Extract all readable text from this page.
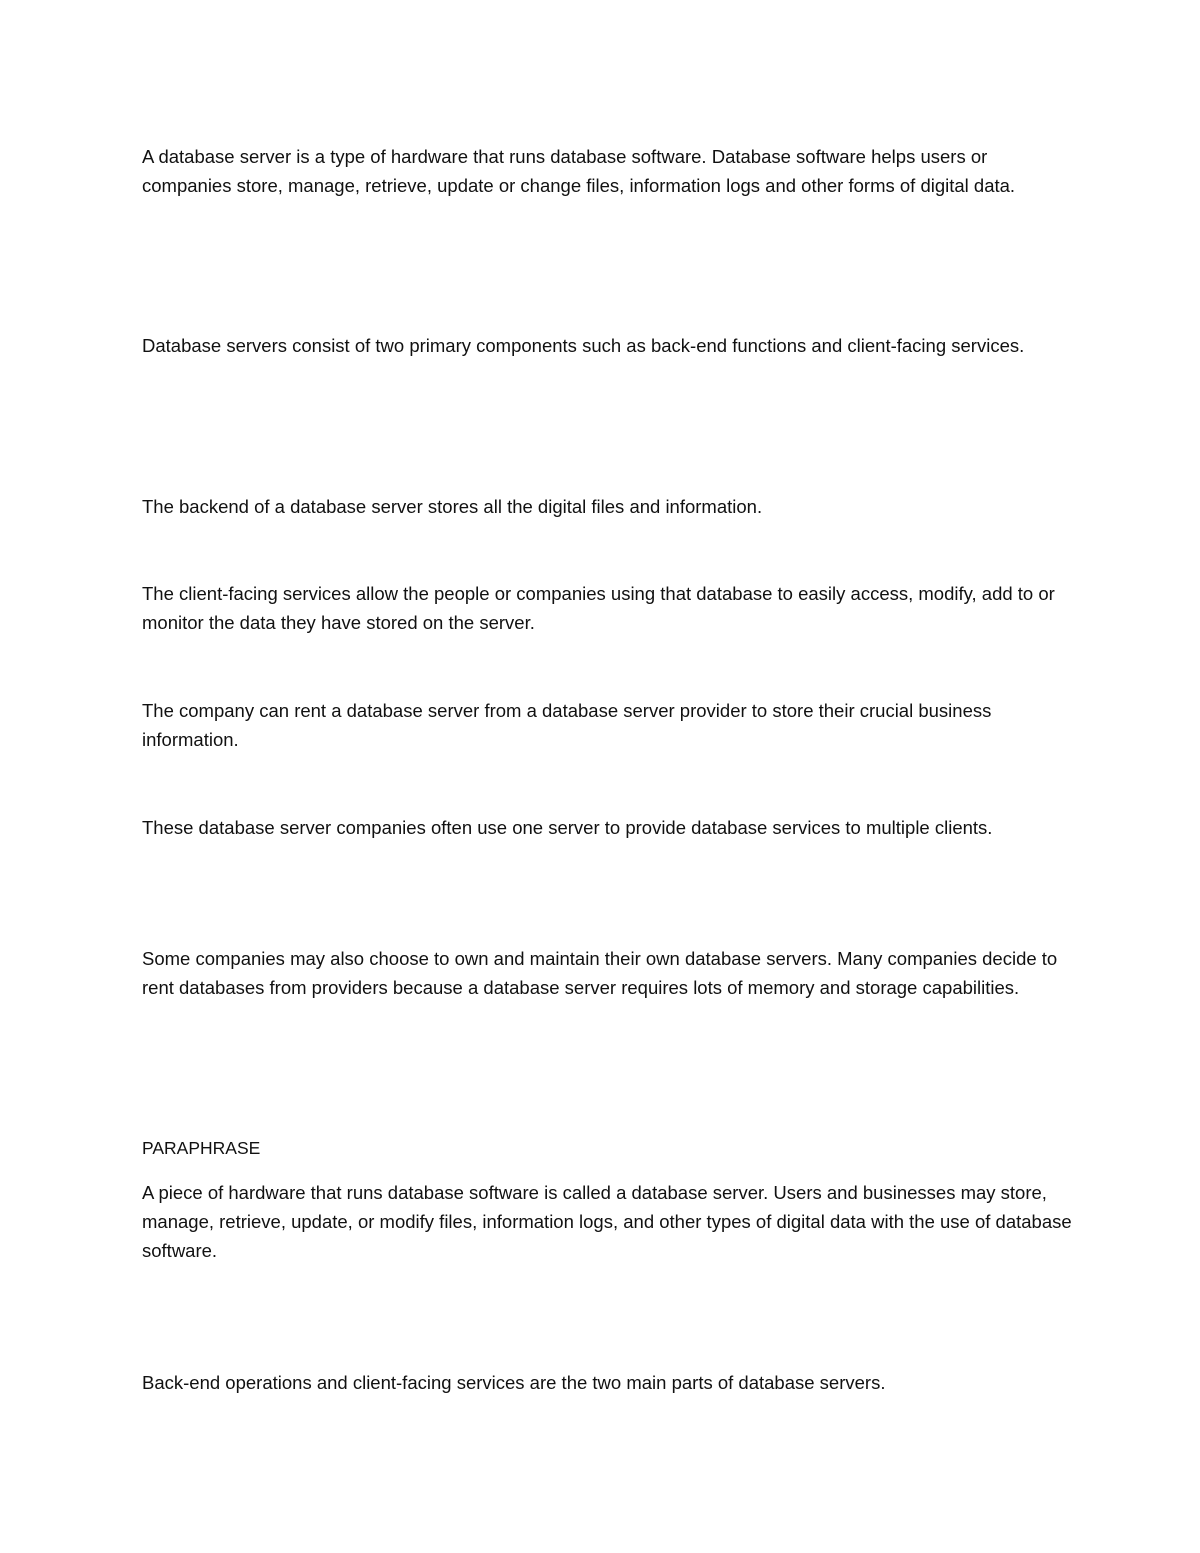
A database server is a type of hardware that runs database software. Database software helps users or companies store, manage, retrieve, update or change files, information logs and other forms of digital data.

Database servers consist of two primary components such as back-end functions and client-facing services.

The backend of a database server stores all the digital files and information.

The client-facing services allow the people or companies using that database to easily access, modify, add to or monitor the data they have stored on the server.

The company can rent a database server from a database server provider to store their crucial business information.

These database server companies often use one server to provide database services to multiple clients.

Some companies may also choose to own and maintain their own database servers. Many companies decide to rent databases from providers because a database server requires lots of memory and storage capabilities.

PARAPHRASE

A piece of hardware that runs database software is called a database server. Users and businesses may store, manage, retrieve, update, or modify files, information logs, and other types of digital data with the use of database software.

Back-end operations and client-facing services are the two main parts of database servers.
